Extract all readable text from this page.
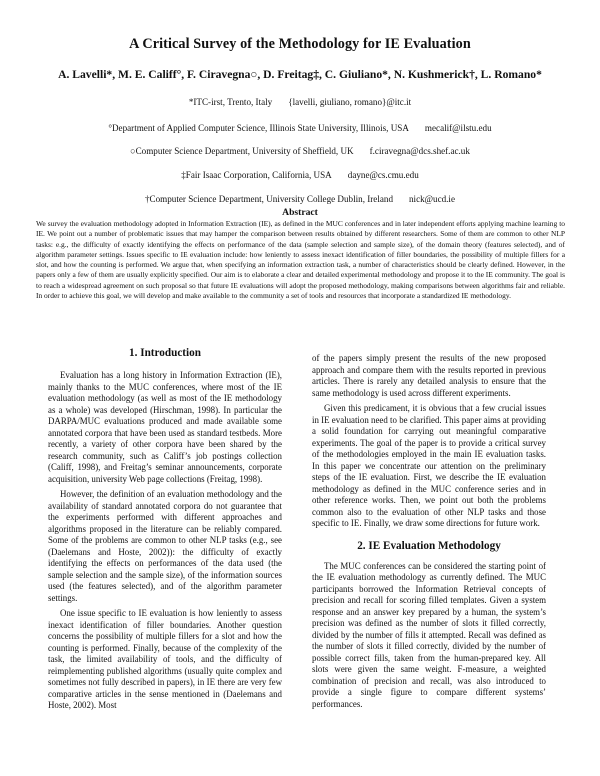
A Critical Survey of the Methodology for IE Evaluation
A. Lavelli*, M. E. Califf°, F. Ciravegna○, D. Freitag‡, C. Giuliano*, N. Kushmerick†, L. Romano*
*ITC-irst, Trento, Italy {lavelli, giuliano, romano}@itc.it
°Department of Applied Computer Science, Illinois State University, Illinois, USA mecalif@ilstu.edu
○Computer Science Department, University of Sheffield, UK f.ciravegna@dcs.shef.ac.uk
‡Fair Isaac Corporation, California, USA dayne@cs.cmu.edu
†Computer Science Department, University College Dublin, Ireland nick@ucd.ie
Abstract

We survey the evaluation methodology adopted in Information Extraction (IE), as defined in the MUC conferences and in later independent efforts applying machine learning to IE. We point out a number of problematic issues that may hamper the comparison between results obtained by different researchers. Some of them are common to other NLP tasks: e.g., the difficulty of exactly identifying the effects on performance of the data (sample selection and sample size), of the domain theory (features selected), and of algorithm parameter settings. Issues specific to IE evaluation include: how leniently to assess inexact identification of filler boundaries, the possibility of multiple fillers for a slot, and how the counting is performed. We argue that, when specifying an information extraction task, a number of characteristics should be clearly defined. However, in the papers only a few of them are usually explicitly specified. Our aim is to elaborate a clear and detailed experimental methodology and propose it to the IE community. The goal is to reach a widespread agreement on such proposal so that future IE evaluations will adopt the proposed methodology, making comparisons between algorithms fair and reliable. In order to achieve this goal, we will develop and make available to the community a set of tools and resources that incorporate a standardized IE methodology.

1. Introduction

Evaluation has a long history in Information Extraction (IE), mainly thanks to the MUC conferences, where most of the IE evaluation methodology (as well as most of the IE methodology as a whole) was developed (Hirschman, 1998). In particular the DARPA/MUC evaluations produced and made available some annotated corpora that have been used as standard testbeds. More recently, a variety of other corpora have been shared by the research community, such as Califf’s job postings collection (Califf, 1998), and Freitag’s seminar announcements, corporate acquisition, university Web page collections (Freitag, 1998).

However, the definition of an evaluation methodology and the availability of standard annotated corpora do not guarantee that the experiments performed with different approaches and algorithms proposed in the literature can be reliably compared. Some of the problems are common to other NLP tasks (e.g., see (Daelemans and Hoste, 2002)): the difficulty of exactly identifying the effects on performances of the data used (the sample selection and the sample size), of the information sources used (the features selected), and of the algorithm parameter settings.

One issue specific to IE evaluation is how leniently to assess inexact identification of filler boundaries. Another question concerns the possibility of multiple fillers for a slot and how the counting is performed. Finally, because of the complexity of the task, the limited availability of tools, and the difficulty of reimplementing published algorithms (usually quite complex and sometimes not fully described in papers), in IE there are very few comparative articles in the sense mentioned in (Daelemans and Hoste, 2002). Most

of the papers simply present the results of the new proposed approach and compare them with the results reported in previous articles. There is rarely any detailed analysis to ensure that the same methodology is used across different experiments.

Given this predicament, it is obvious that a few crucial issues in IE evaluation need to be clarified. This paper aims at providing a solid foundation for carrying out meaningful comparative experiments. The goal of the paper is to provide a critical survey of the methodologies employed in the main IE evaluation tasks. In this paper we concentrate our attention on the preliminary steps of the IE evaluation. First, we describe the IE evaluation methodology as defined in the MUC conference series and in other reference works. Then, we point out both the problems common also to the evaluation of other NLP tasks and those specific to IE. Finally, we draw some directions for future work.

2. IE Evaluation Methodology

The MUC conferences can be considered the starting point of the IE evaluation methodology as currently defined. The MUC participants borrowed the Information Retrieval concepts of precision and recall for scoring filled templates. Given a system response and an answer key prepared by a human, the system’s precision was defined as the number of slots it filled correctly, divided by the number of fills it attempted. Recall was defined as the number of slots it filled correctly, divided by the number of possible correct fills, taken from the human-prepared key. All slots were given the same weight. F-measure, a weighted combination of precision and recall, was also introduced to provide a single figure to compare different systems’ performances.
